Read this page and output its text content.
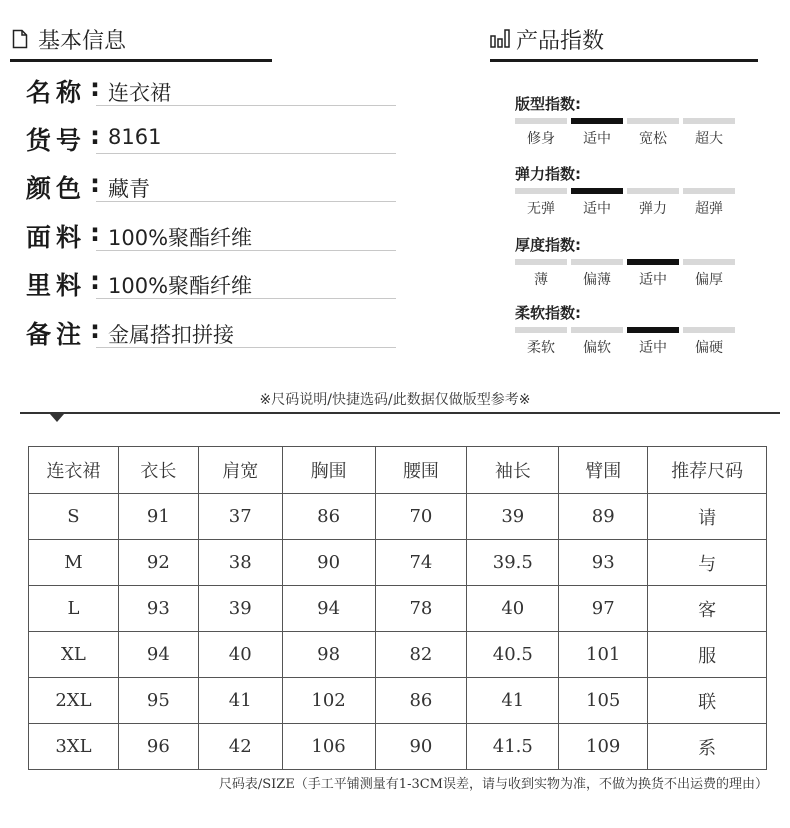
基本信息
名称 : 连衣裙
货号 : 8161
颜色 : 藏青
面料 : 100%聚酯纤维
里料 : 100%聚酯纤维
备注 : 金属搭扣拼接
产品指数
版型指数:
修身	适中	宽松	超大
弹力指数:
无弹	适中	弹力	超弹
厚度指数:
薄	偏薄	适中	偏厚
柔软指数:
柔软	偏软	适中	偏硬
※尺码说明/快捷选码/此数据仅做版型参考※
连衣裙	衣长	肩宽	胸围	腰围	袖长	臂围	推荐尺码
S	91	37	86	70	39	89	请
M	92	38	90	74	39.5	93	与
L	93	39	94	78	40	97	客
XL	94	40	98	82	40.5	101	服
2XL	95	41	102	86	41	105	联
3XL	96	42	106	90	41.5	109	系
尺码表/SIZE（手工平铺测量有1-3CM误差，请与收到实物为准，不做为换货不出运费的理由）
